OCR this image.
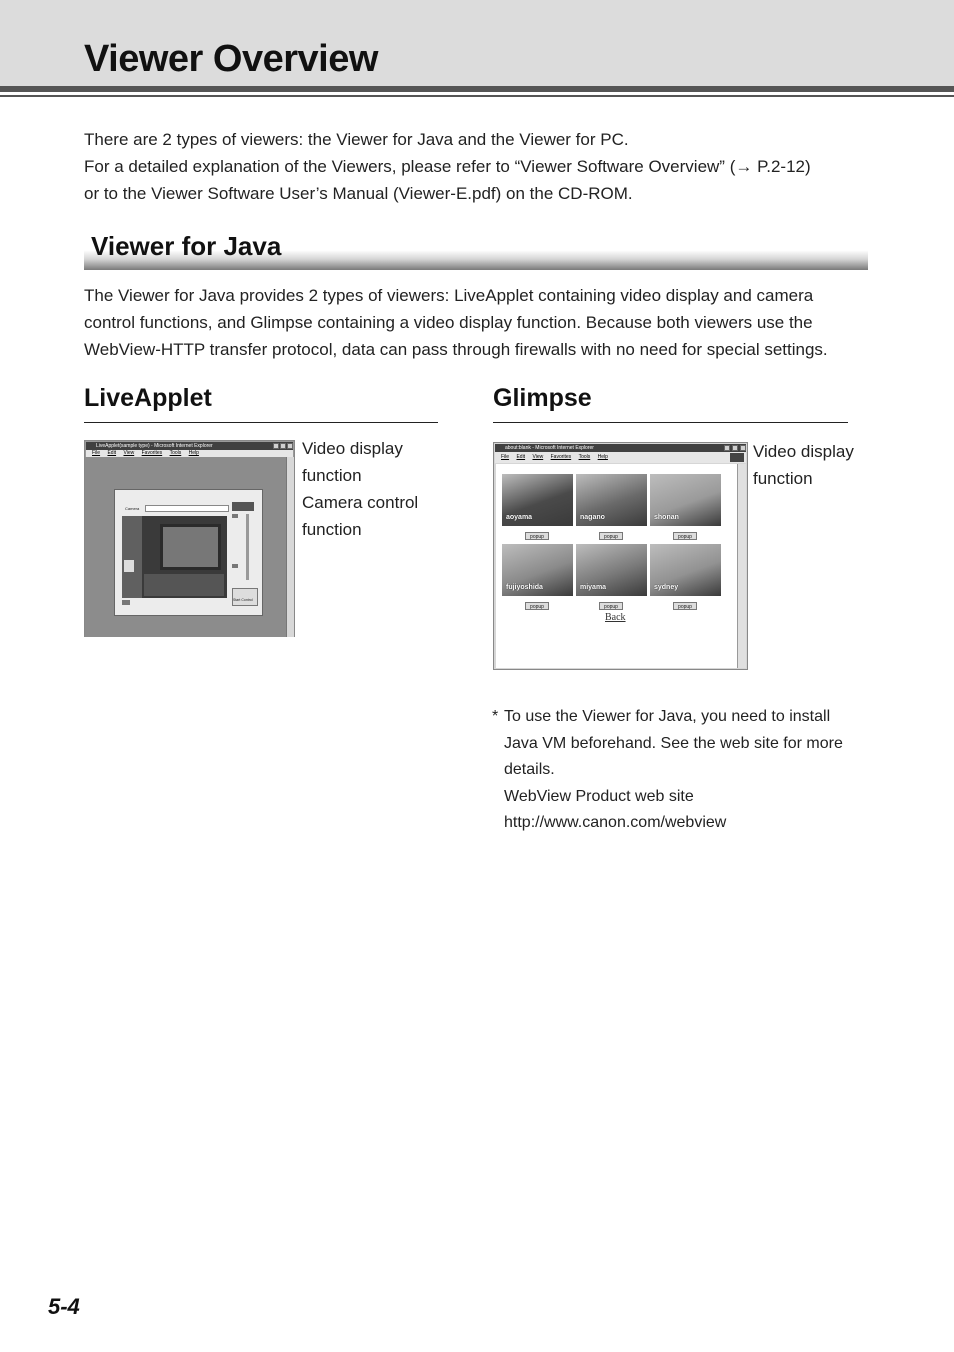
Viewer Overview
There are 2 types of viewers: the Viewer for Java and the Viewer for PC.
For a detailed explanation of the Viewers, please refer to “Viewer Software Overview” (→ P.2-12)
or to the Viewer Software User’s Manual (Viewer-E.pdf) on the CD-ROM.
Viewer for Java
The Viewer for Java provides 2 types of viewers: LiveApplet containing video display and camera
control functions, and Glimpse containing a video display function. Because both viewers use the
WebView-HTTP transfer protocol, data can pass through firewalls with no need for special settings.
LiveApplet
LiveApplet(sample type) - Microsoft Internet Explorer
File Edit View Favorites Tools Help
Camera
Start Control
Video display
function
Camera control
function
Glimpse
about:blank - Microsoft Internet Explorer
File Edit View Favorites Tools Help
aoyama
popup
nagano
popup
shonan
popup
fujiyoshida
popup
miyama
popup
sydney
popup
Back
Video display
function
* To use the Viewer for Java, you need to install
Java VM beforehand. See the web site for more
details.
WebView Product web site
http://www.canon.com/webview
5-4
